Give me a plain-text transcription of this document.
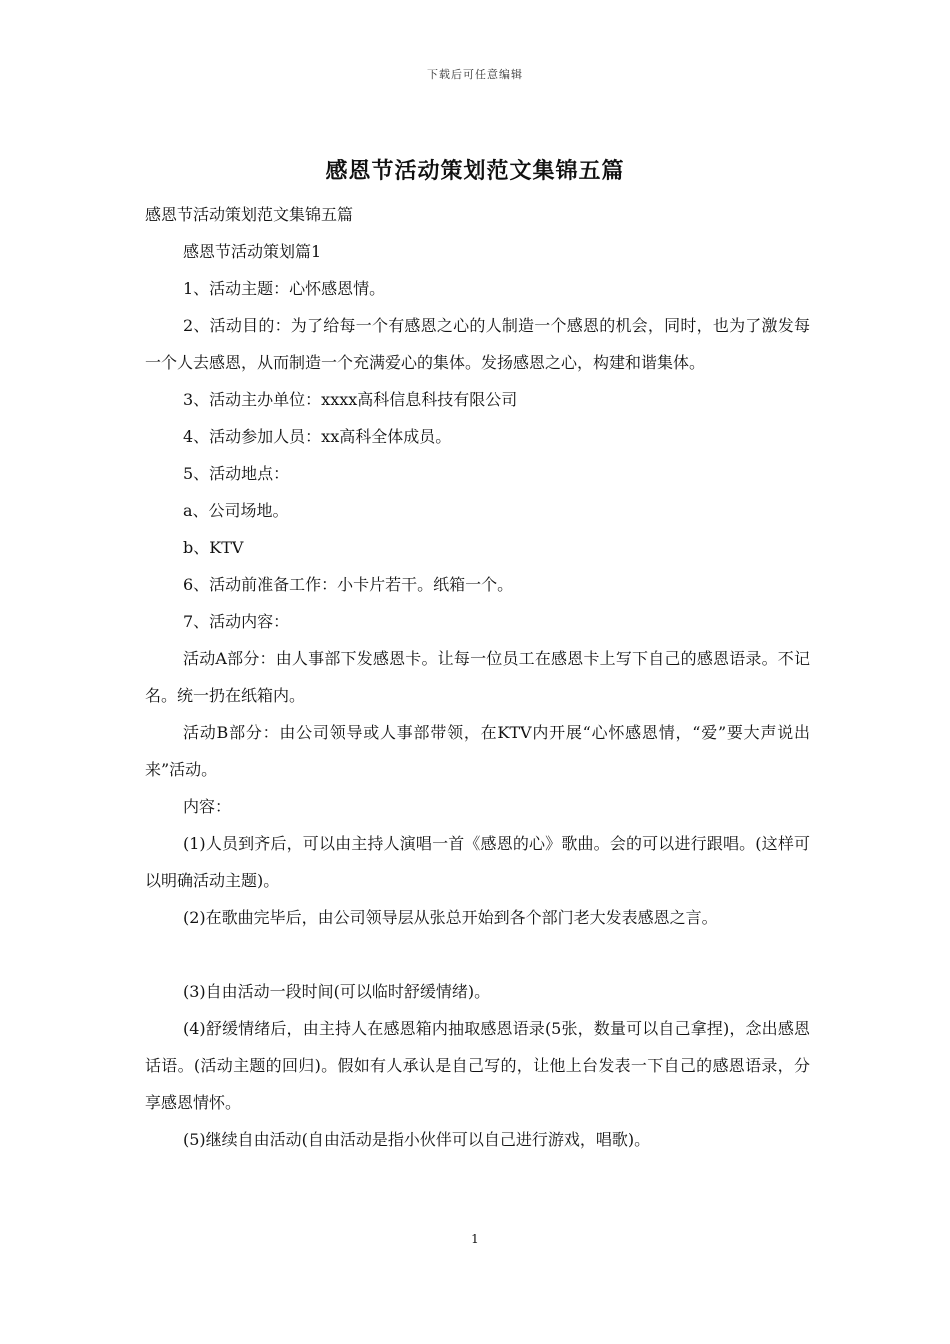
下载后可任意编辑
感恩节活动策划范文集锦五篇

感恩节活动策划范文集锦五篇

感恩节活动策划篇1

1、活动主题：心怀感恩情。

2、活动目的：为了给每一个有感恩之心的人制造一个感恩的机会，同时，也为了激发每一个人去感恩，从而制造一个充满爱心的集体。发扬感恩之心，构建和谐集体。

3、活动主办单位：xxxx高科信息科技有限公司

4、活动参加人员：xx高科全体成员。

5、活动地点：

a、公司场地。

b、KTV

6、活动前准备工作：小卡片若干。纸箱一个。

7、活动内容：

活动A部分：由人事部下发感恩卡。让每一位员工在感恩卡上写下自己的感恩语录。不记名。统一扔在纸箱内。

活动B部分：由公司领导或人事部带领，在KTV内开展“心怀感恩情，“爱”要大声说出来”活动。

内容：

(1)人员到齐后，可以由主持人演唱一首《感恩的心》歌曲。会的可以进行跟唱。(这样可以明确活动主题)。

(2)在歌曲完毕后，由公司领导层从张总开始到各个部门老大发表感恩之言。

(3)自由活动一段时间(可以临时舒缓情绪)。

(4)舒缓情绪后，由主持人在感恩箱内抽取感恩语录(5张，数量可以自己拿捏)，念出感恩话语。(活动主题的回归)。假如有人承认是自己写的，让他上台发表一下自己的感恩语录，分享感恩情怀。

(5)继续自由活动(自由活动是指小伙伴可以自己进行游戏，唱歌)。

1
